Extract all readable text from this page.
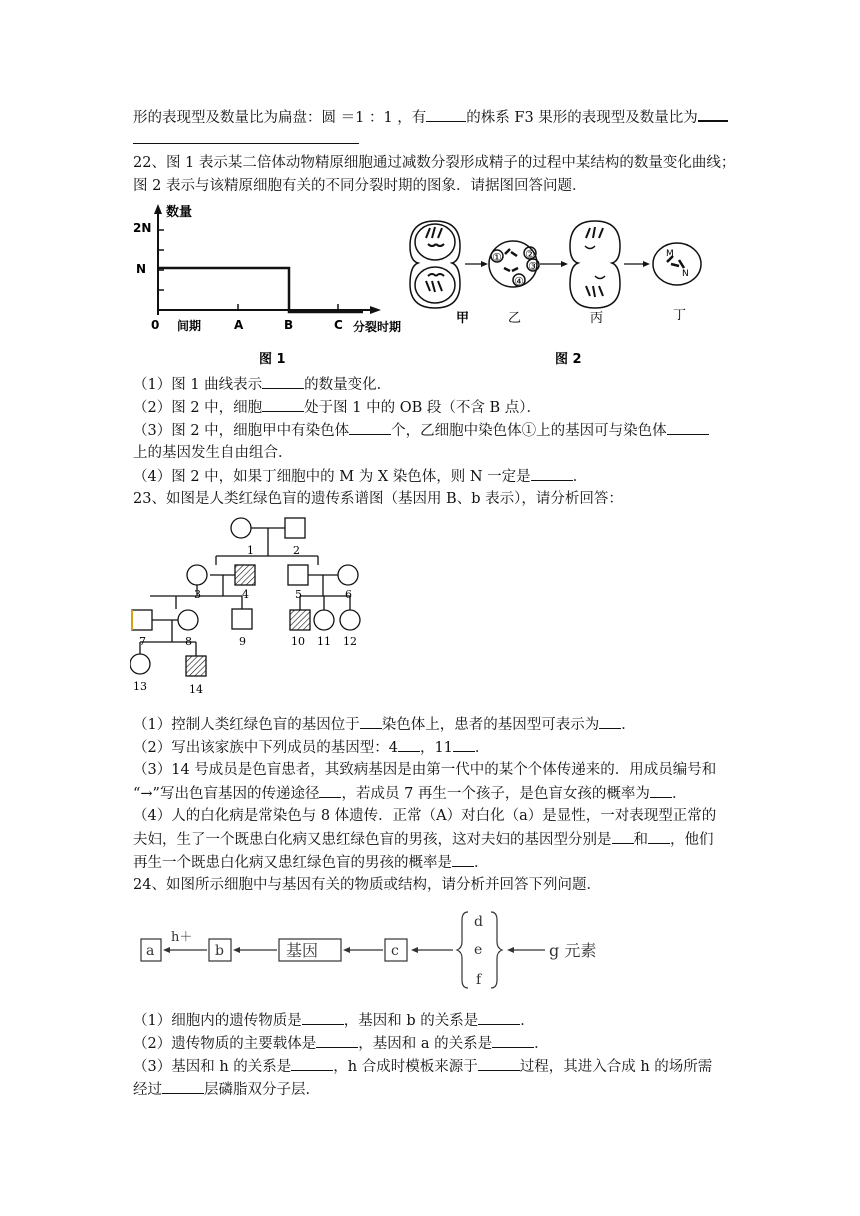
形的表现型及数量比为扁盘：圆 ＝1 ：1 ，有	的株系 F3 果形的表现型及数量比为
22、图 1 表示某二倍体动物精原细胞通过减数分裂形成精子的过程中某结构的数量变化曲线；
图 2 表示与该精原细胞有关的不同分裂时期的图象．请据图回答问题．
数量
2N
N
0 间期	A	B	C 分裂时期
图 1
① ②
③
④
M
N
甲	乙	丙	丁
图 2
（1）图 1 曲线表示	的数量变化．
（2）图 2 中，细胞	处于图 1 中的 OB 段（不含 B 点）．
（3）图 2 中，细胞甲中有染色体	个，乙细胞中染色体①上的基因可与染色体
上的基因发生自由组合．
（4）图 2 中，如果丁细胞中的 M 为 X 染色体，则 N 一定是	．
23、如图是人类红绿色盲的遗传系谱图（基因用 B、b 表示），请分析回答：
1	2
3	4	5	6
7	8	9	10 11 12
13	14
（1）控制人类红绿色盲的基因位于 染色体上，患者的基因型可表示为 ．
（2）写出该家族中下列成员的基因型：4 ，11 ．
（3）14 号成员是色盲患者，其致病基因是由第一代中的某个个体传递来的．用成员编号和
“→”写出色盲基因的传递途径 ，若成员 7 再生一个孩子，是色盲女孩的概率为 ．
（4）人的白化病是常染色与 8 体遗传．正常（A）对白化（a）是显性，一对表现型正常的
夫妇，生了一个既患白化病又患红绿色盲的男孩，这对夫妇的基因型分别是 和 ，他们
再生一个既患白化病又患红绿色盲的男孩的概率是 ．
24、如图所示细胞中与基因有关的物质或结构，请分析并回答下列问题．
a
h＋
b	基因	c
d
e
f
g 元素
（1）细胞内的遗传物质是	，基因和 b 的关系是	．
（2）遗传物质的主要载体是	，基因和 a 的关系是	．
（3）基因和 h 的关系是	，h 合成时模板来源于	过程，其进入合成 h 的场所需
经过	层磷脂双分子层．
